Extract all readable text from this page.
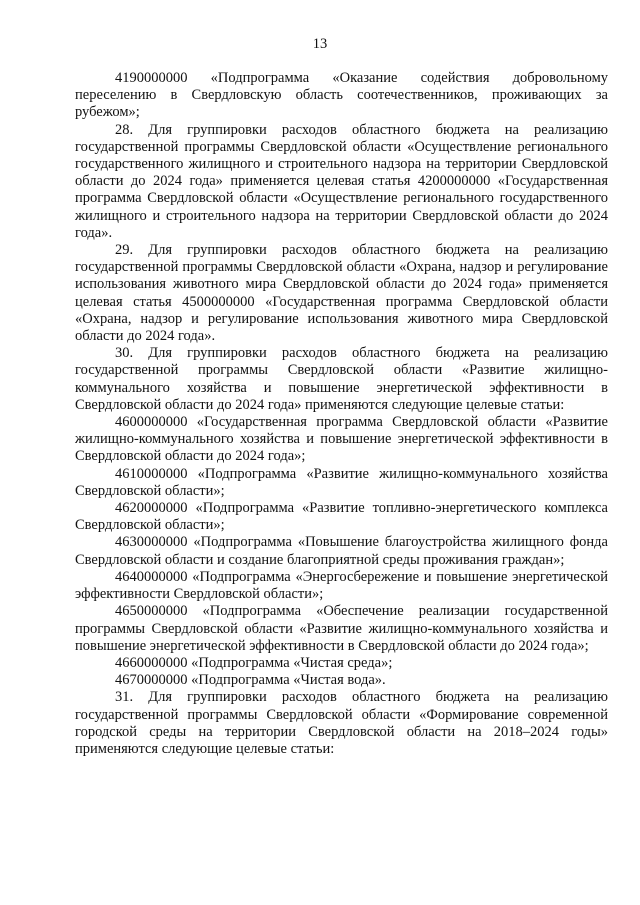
13

4190000000 «Подпрограмма «Оказание содействия добровольному переселению в Свердловскую область соотечественников, проживающих за рубежом»;

28. Для группировки расходов областного бюджета на реализацию государственной программы Свердловской области «Осуществление регионального государственного жилищного и строительного надзора на территории Свердловской области до 2024 года» применяется целевая статья 4200000000 «Государственная программа Свердловской области «Осуществление регионального государственного жилищного и строительного надзора на территории Свердловской области до 2024 года».

29. Для группировки расходов областного бюджета на реализацию государственной программы Свердловской области «Охрана, надзор и регулирование использования животного мира Свердловской области до 2024 года» применяется целевая статья 4500000000 «Государственная программа Свердловской области «Охрана, надзор и регулирование использования животного мира Свердловской области до 2024 года».

30. Для группировки расходов областного бюджета на реализацию государственной программы Свердловской области «Развитие жилищно-коммунального хозяйства и повышение энергетической эффективности в Свердловской области до 2024 года» применяются следующие целевые статьи:

4600000000 «Государственная программа Свердловской области «Развитие жилищно-коммунального хозяйства и повышение энергетической эффективности в Свердловской области до 2024 года»;

4610000000 «Подпрограмма «Развитие жилищно-коммунального хозяйства Свердловской области»;

4620000000 «Подпрограмма «Развитие топливно-энергетического комплекса Свердловской области»;

4630000000 «Подпрограмма «Повышение благоустройства жилищного фонда Свердловской области и создание благоприятной среды проживания граждан»;

4640000000 «Подпрограмма «Энергосбережение и повышение энергетической эффективности Свердловской области»;

4650000000 «Подпрограмма «Обеспечение реализации государственной программы Свердловской области «Развитие жилищно-коммунального хозяйства и повышение энергетической эффективности в Свердловской области до 2024 года»;

4660000000 «Подпрограмма «Чистая среда»;

4670000000 «Подпрограмма «Чистая вода».

31. Для группировки расходов областного бюджета на реализацию государственной программы Свердловской области «Формирование современной городской среды на территории Свердловской области на 2018–2024 годы» применяются следующие целевые статьи:
